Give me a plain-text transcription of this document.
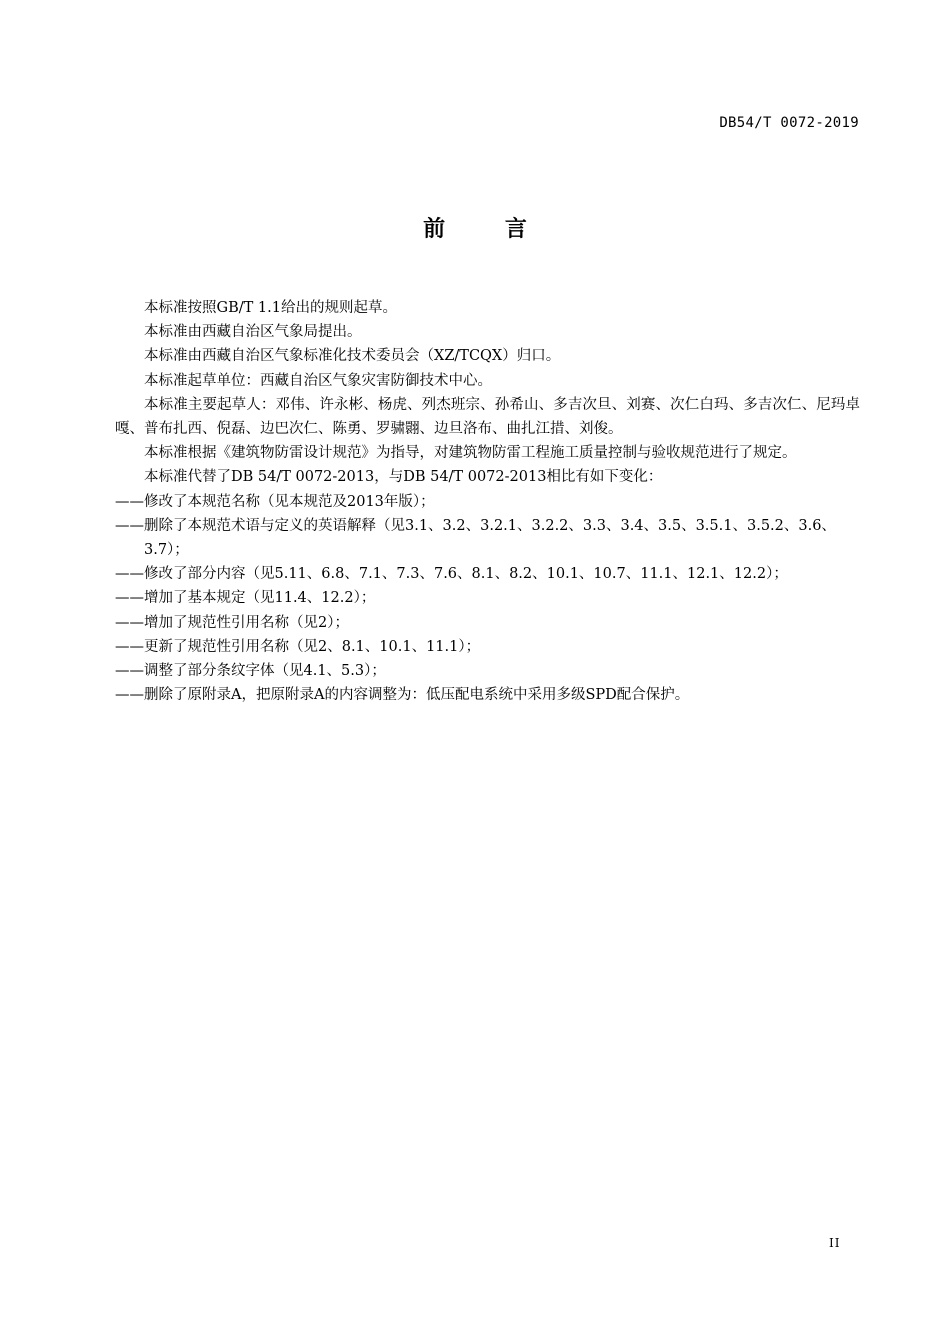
DB54/T 0072-2019
前 言

本标准按照GB/T 1.1给出的规则起草。

本标准由西藏自治区气象局提出。

本标准由西藏自治区气象标准化技术委员会（XZ/TCQX）归口。

本标准起草单位：西藏自治区气象灾害防御技术中心。

本标准主要起草人：邓伟、许永彬、杨虎、列杰班宗、孙希山、多吉次旦、刘赛、次仁白玛、多吉次仁、尼玛卓嘎、普布扎西、倪磊、边巴次仁、陈勇、罗骕翾、边旦洛布、曲扎江措、刘俊。

本标准根据《建筑物防雷设计规范》为指导，对建筑物防雷工程施工质量控制与验收规范进行了规定。

本标准代替了DB 54/T 0072-2013，与DB 54/T 0072-2013相比有如下变化：

——修改了本规范名称（见本规范及2013年版）；

——删除了本规范术语与定义的英语解释（见3.1、3.2、3.2.1、3.2.2、3.3、3.4、3.5、3.5.1、3.5.2、3.6、3.7）；

——修改了部分内容（见5.11、6.8、7.1、7.3、7.6、8.1、8.2、10.1、10.7、11.1、12.1、12.2）；

——增加了基本规定（见11.4、12.2）；

——增加了规范性引用名称（见2）；

——更新了规范性引用名称（见2、8.1、10.1、11.1）；

——调整了部分条纹字体（见4.1、5.3）；

——删除了原附录A，把原附录A的内容调整为：低压配电系统中采用多级SPD配合保护。

II
